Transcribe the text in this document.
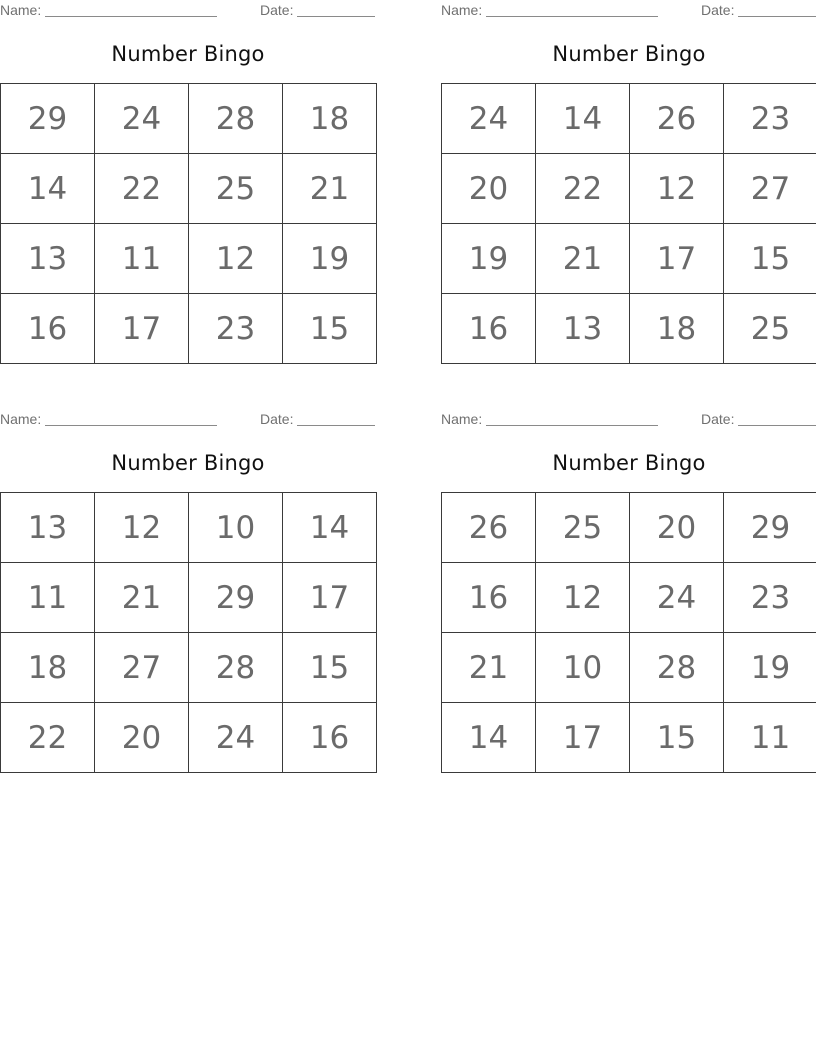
Name:	Date:
Number Bingo
29	24	28	18
14	22	25	21
13	11	12	19
16	17	23	15
Name:	Date:
Number Bingo
24	14	26	23
20	22	12	27
19	21	17	15
16	13	18	25
Name:	Date:
Number Bingo
13	12	10	14
11	21	29	17
18	27	28	15
22	20	24	16
Name:	Date:
Number Bingo
26	25	20	29
16	12	24	23
21	10	28	19
14	17	15	11
